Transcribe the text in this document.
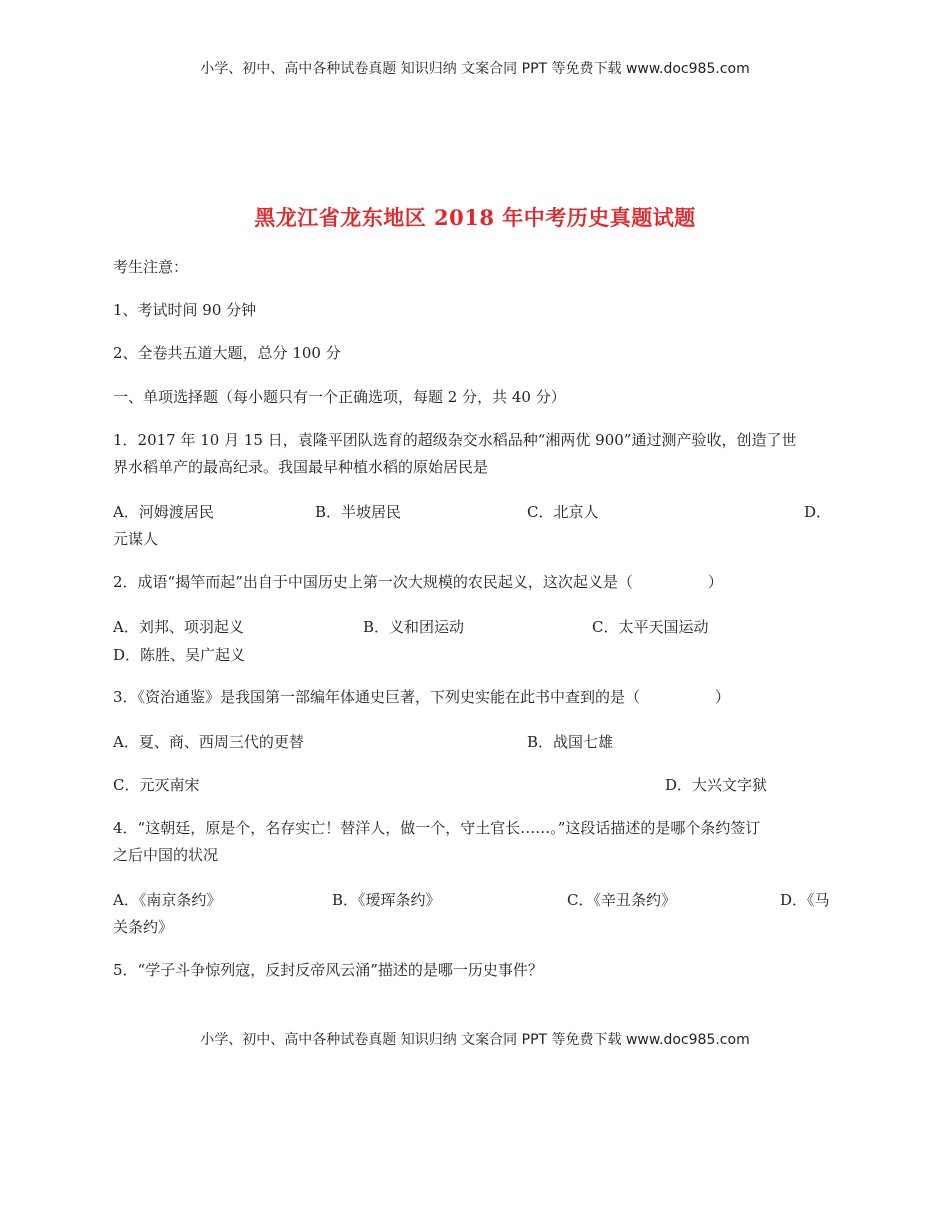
小学、初中、高中各种试卷真题 知识归纳 文案合同 PPT 等免费下载 www.doc985.com
黑龙江省龙东地区 2018 年中考历史真题试题
考生注意：
1、考试时间 90 分钟
2、全卷共五道大题，总分 100 分
一、单项选择题（每小题只有一个正确选项，每题 2 分，共 40 分）
1．2017 年 10 月 15 日，袁隆平团队选育的超级杂交水稻品种“湘两优 900”通过测产验收，创造了世
界水稻单产的最高纪录。我国最早种植水稻的原始居民是
A．河姆渡居民	B．半坡居民	C．北京人	D．
元谋人
2．成语“揭竿而起”出自于中国历史上第一次大规模的农民起义，这次起义是（　　　　　）
A．刘邦、项羽起义	B．义和团运动	C．太平天国运动
D．陈胜、吴广起义
3．《资治通鉴》是我国第一部编年体通史巨著，下列史实能在此书中查到的是（　　　　　）
A．夏、商、西周三代的更替	B．战国七雄
C．元灭南宋	D．大兴文字狱
4．“这朝廷，原是个，名存实亡！替洋人，做一个，守土官长……。”这段话描述的是哪个条约签订
之后中国的状况
A．《南京条约》	B．《瑷珲条约》	C．《辛丑条约》	D．《马
关条约》
5．“学子斗争惊列寇，反封反帝风云涌”描述的是哪一历史事件？
小学、初中、高中各种试卷真题 知识归纳 文案合同 PPT 等免费下载 www.doc985.com
